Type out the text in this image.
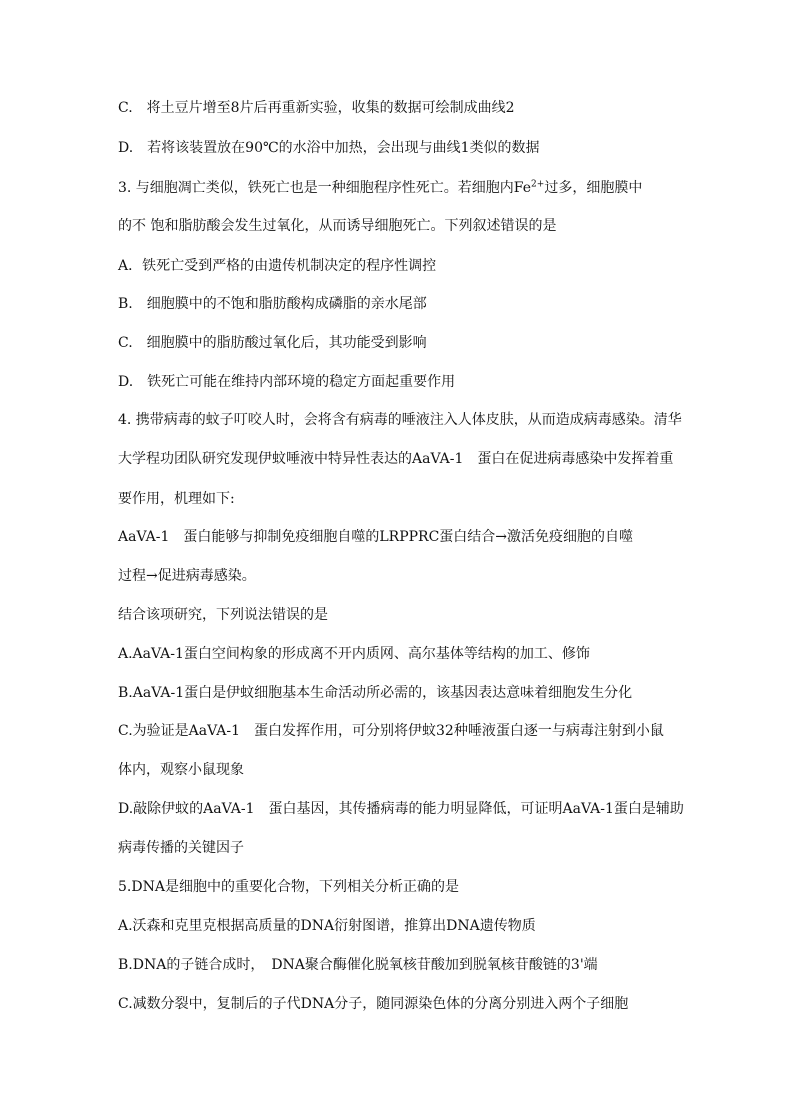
C.　将土豆片增至8片后再重新实验，收集的数据可绘制成曲线2
D.　若将该装置放在90℃的水浴中加热，会出现与曲线1类似的数据
3. 与细胞凋亡类似，铁死亡也是一种细胞程序性死亡。若细胞内$Fe^{2+}$过多，细胞膜中
的不 饱和脂肪酸会发生过氧化，从而诱导细胞死亡。下列叙述错误的是
A．铁死亡受到严格的由遗传机制决定的程序性调控
B.　细胞膜中的不饱和脂肪酸构成磷脂的亲水尾部
C.　细胞膜中的脂肪酸过氧化后，其功能受到影响
D.　铁死亡可能在维持内部环境的稳定方面起重要作用
4. 携带病毒的蚊子叮咬人时，会将含有病毒的唾液注入人体皮肤，从而造成病毒感染。清华
大学程功团队研究发现伊蚊唾液中特异性表达的AaVA-1　蛋白在促进病毒感染中发挥着重
要作用，机理如下:
AaVA-1　蛋白能够与抑制免疫细胞自噬的LRPPRC蛋白结合→激活免疫细胞的自噬
过程→促进病毒感染。
结合该项研究，下列说法错误的是
A.AaVA-1蛋白空间构象的形成离不开内质网、高尔基体等结构的加工、修饰
B.AaVA-1蛋白是伊蚊细胞基本生命活动所必需的，该基因表达意味着细胞发生分化
C.为验证是AaVA-1　蛋白发挥作用，可分别将伊蚊32种唾液蛋白逐一与病毒注射到小鼠
体内，观察小鼠现象
D.敲除伊蚊的AaVA-1　蛋白基因，其传播病毒的能力明显降低，可证明AaVA-1蛋白是辅助
病毒传播的关键因子
5.DNA是细胞中的重要化合物，下列相关分析正确的是
A.沃森和克里克根据高质量的DNA衍射图谱，推算出DNA遗传物质
B.DNA的子链合成时，　DNA聚合酶催化脱氧核苷酸加到脱氧核苷酸链的3'端
C.减数分裂中，复制后的子代DNA分子，随同源染色体的分离分别进入两个子细胞
